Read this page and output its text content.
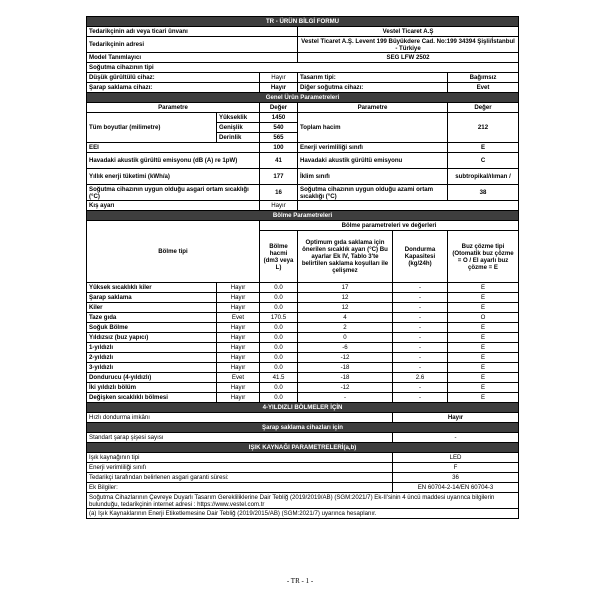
TR - ÜRÜN BİLGİ FORMU					
Tedarikçinin adı veya ticari ünvanı			Vestel Ticaret A.Ş		
Tedarikçinin adresi			Vestel Ticaret A.Ş. Levent 199 Büyükdere Cad. No:199 34394 Şişli/İstanbul - Türkiye		
Model Tanımlayıcı			SEG LFW 2502		
Soğutma cihazının tipi					
Düşük gürültülü cihaz:		Hayır	Tasarım tipi:		Bağımsız
Şarap saklama cihazı:		Hayır	Diğer soğutma cihazı:		Evet
Genel Ürün Parametreleri					
Parametre		Değer	Parametre		Değer
Tüm boyutlar (milimetre)	Yükseklik	1450	Toplam hacim		212
	Genişlik	540			
	Derinlik	565			
EEI		100	Enerji verimliliği sınıfı		E
Havadaki akustik gürültü emisyonu (dB (A) re 1pW)		41	Havadaki akustik gürültü emisyonu		C
Yıllık enerji tüketimi (kWh/a)		177	İklim sınıfı		subtropikal/ılıman /
Soğutma cihazının uygun olduğu asgari ortam sıcaklığı (°C)		16	Soğutma cihazının uygun olduğu azami ortam sıcaklığı (°C)		38
Kış ayarı		Hayır			
Bölme Parametreleri					
Bölme tipi		Bölme parametreleri ve değerleri			
		Bölme hacmi (dm3 veya L)	Optimum gıda saklama için önerilen sıcaklık ayarı (°C) Bu ayarlar Ek IV, Tablo 3'te belirtilen saklama koşulları ile çelişmez	Dondurma Kapasitesi (kg/24h)	Buz çözme tipi (Otomatik buz çözme = O / El ayarlı buz çözme = E
Yüksek sıcaklıklı kiler	Hayır	0.0	17	-	E
Şarap saklama	Hayır	0.0	12	-	E
Kiler	Hayır	0.0	12	-	E
Taze gıda	Evet	170.5	4	-	O
Soğuk Bölme	Hayır	0.0	2	-	E
Yıldızsız (buz yapıcı)	Hayır	0.0	0	-	E
1-yıldızlı	Hayır	0.0	-6	-	E
2-yıldızlı	Hayır	0.0	-12	-	E
3-yıldızlı	Hayır	0.0	-18	-	E
Dondurucu (4-yıldızlı)	Evet	41.5	-18	2.6	E
İki yıldızlı bölüm	Hayır	0.0	-12	-	E
Değişken sıcaklıklı bölmesi	Hayır	0.0	-	-	E
4-YILDIZLI BÖLMELER İÇİN					
Hızlı dondurma imkânı				Hayır	
Şarap saklama cihazları için					
Standart şarap şişesi sayısı				-	
IŞIK KAYNAĞI PARAMETRELERİ(a,b)					
Işık kaynağının tipi				LED	
Enerji verimliliği sınıfı				F	
Tedarikçi tarafından belirlenen asgari garanti süresi:				36	
Ek Bilgiler:				EN 60704-2-14/EN 60704-3	
Soğutma Cihazlarının Çevreye Duyarlı Tasarım Gerekliliklerine Dair Tebliğ (2019/2019/AB) (SGM:2021/7) Ek-II'sinin 4 üncü maddesi uyarınca bilgilerin bulunduğu, tedarikçinin internet adresi : https://www.vestel.com.tr					
(a) Işık Kaynaklarının Enerji Etiketlemesine Dair Tebliğ (2019/2015/AB) (SGM:2021/7) uyarınca hesaplanır.					
- TR - 1 -
